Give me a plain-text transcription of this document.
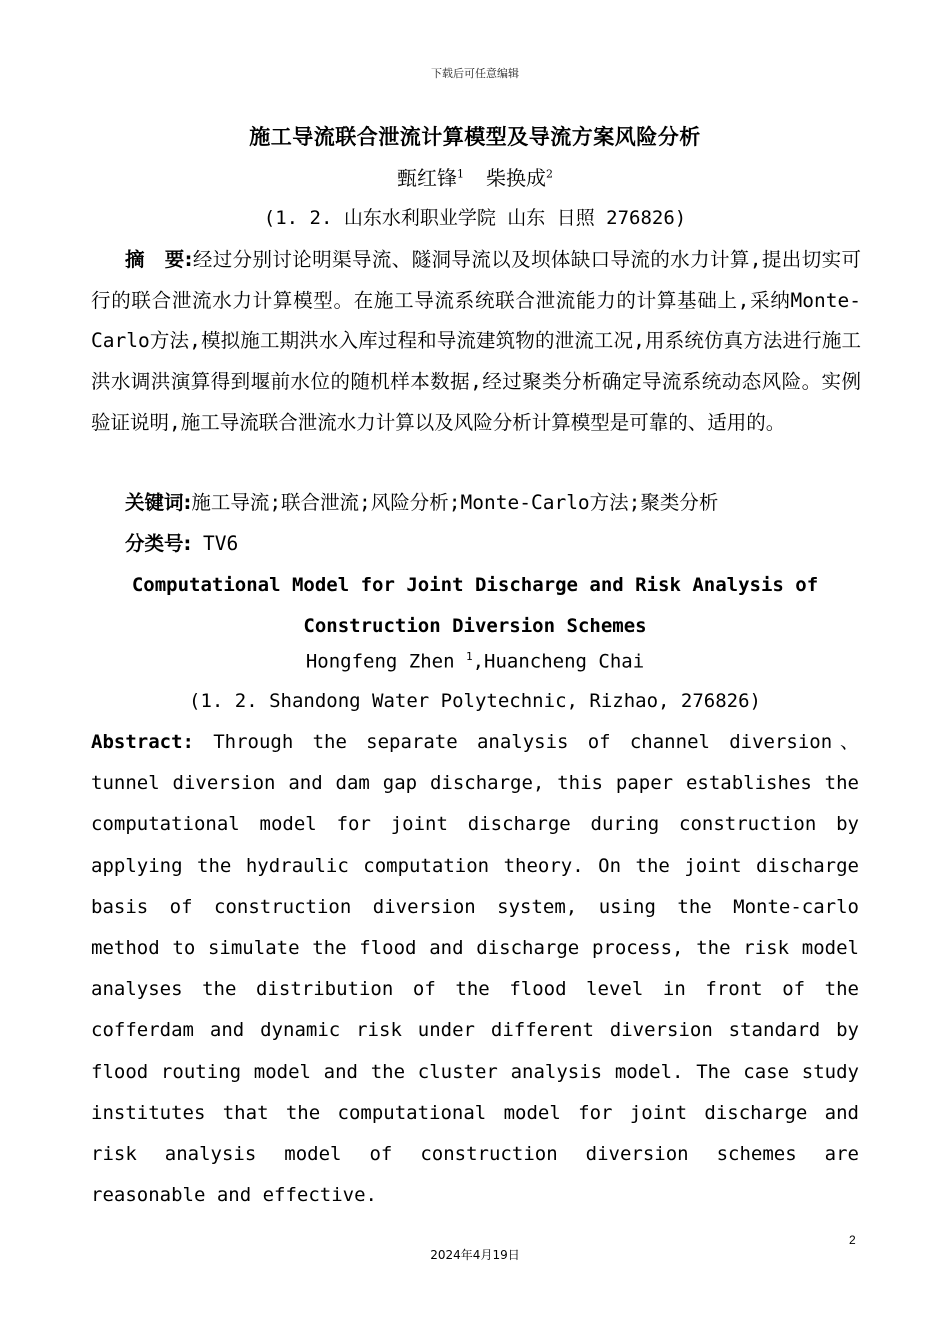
下载后可任意编辑
施工导流联合泄流计算模型及导流方案风险分析
甄红锋$^1$ 柴换成$^2$
(1. 2. 山东水利职业学院 山东 日照 276826)
摘　要:经过分别讨论明渠导流、隧洞导流以及坝体缺口导流的水力计算,提出切实可行的联合泄流水力计算模型。在施工导流系统联合泄流能力的计算基础上,采纳Monte-Carlo方法,模拟施工期洪水入库过程和导流建筑物的泄流工况,用系统仿真方法进行施工洪水调洪演算得到堰前水位的随机样本数据,经过聚类分析确定导流系统动态风险。实例验证说明,施工导流联合泄流水力计算以及风险分析计算模型是可靠的、适用的。
关键词:施工导流;联合泄流;风险分析;Monte-Carlo方法;聚类分析
分类号: TV6
Computational Model for Joint Discharge and Risk Analysis of
Construction Diversion Schemes
Hongfeng Zhen $^1$,Huancheng Chai
(1. 2. Shandong Water Polytechnic, Rizhao, 276826)
Abstract: Through the separate analysis of channel diversion、tunnel diversion and dam gap discharge, this paper establishes the computational model for joint discharge during construction by applying the hydraulic computation theory. On the joint discharge basis of construction diversion system, using the Monte-carlo method to simulate the flood and discharge process, the risk model analyses the distribution of the flood level in front of the cofferdam and dynamic risk under different diversion standard by flood routing model and the cluster analysis model. The case study institutes that the computational model for joint discharge and risk analysis model of construction diversion schemes are reasonable and effective.
2
2024年4月19日
